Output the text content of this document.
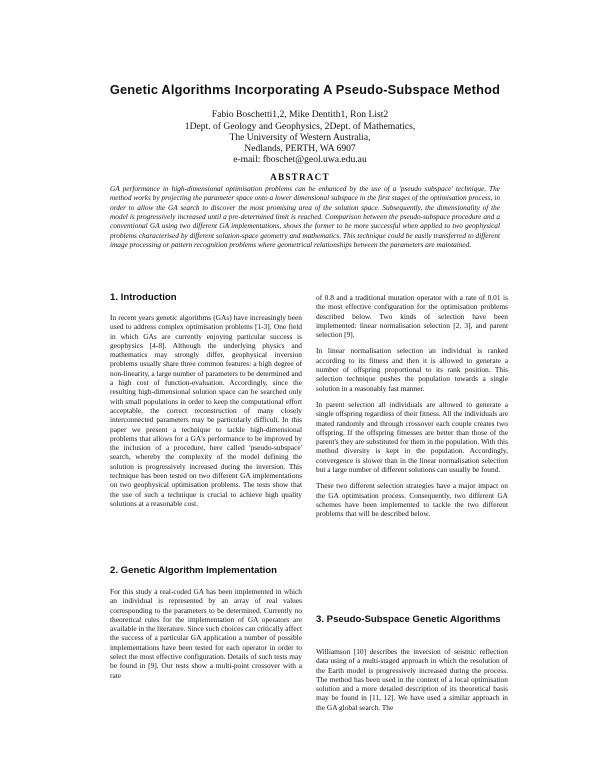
Genetic Algorithms Incorporating A Pseudo-Subspace Method
Fabio Boschetti1,2, Mike Dentith1, Ron List2
1Dept. of Geology and Geophysics, 2Dept. of Mathematics,
The University of Western Australia,
Nedlands, PERTH, WA 6907
e-mail: fboschet@geol.uwa.edu.au
ABSTRACT
GA performance in high-dimensional optimisation problems can be enhanced by the use of a 'pseudo subspace' technique. The method works by projecting the parameter space onto a lower dimensional subspace in the first stages of the optimisation process, in order to allow the GA search to discover the most promising area of the solution space. Subsequently, the dimensionality of the model is progressively increased until a pre-determined limit is reached. Comparison between the pseudo-subspace procedure and a conventional GA using two different GA implementations, shows the former to be more successful when applied to two geophysical problems characterised by different solution-space geometry and mathematics. This technique could be easily transferred to different image processing or pattern recognition problems where geometrical relationships between the parameters are maintained.
1. Introduction

In recent years genetic algorithms (GAs) have increasingly been used to address complex optimisation problems [1-3]. One field in which GAs are currently enjoying particular success is geophysics [4-8]. Although the underlying physics and mathematics may strongly differ, geophysical inversion problems usually share three common features: a high degree of non-linearity, a large number of parameters to be determined and a high cost of function-evaluation. Accordingly, since the resulting high-dimensional solution space can be searched only with small populations in order to keep the computational effort acceptable, the correct reconstruction of many closely interconnected parameters may be particularly difficult. In this paper we present a technique to tackle high-dimensional problems that allows for a GA's performance to be improved by the inclusion of a procedure, here called 'pseudo-subspace' search, whereby the complexity of the model defining the solution is progressively increased during the inversion. This technique has been tested on two different GA implementations on two geophysical optimisation problems. The tests show that the use of such a technique is crucial to achieve high quality solutions at a reasonable cost.

2. Genetic Algorithm Implementation

For this study a real-coded GA has been implemented in which an individual is represented by an array of real values corresponding to the parameters to be determined. Currently no theoretical rules for the implementation of GA operators are available in the literature. Since such choices can critically affect the success of a particular GA application a number of possible implementations have been tested for each operator in order to select the most effective configuration. Details of such tests may be found in [9]. Our tests show a multi-point crossover with a rate

of 0.8 and a traditional mutation operator with a rate of 0.01 is the most effective configuration for the optimisation problems described below. Two kinds of selection have been implemented: linear normalisation selection [2, 3], and parent selection [9].

In linear normalisation selection an individual is ranked according to its fitness and then it is allowed to generate a number of offspring proportional to its rank position. This selection technique pushes the population towards a single solution in a reasonably fast manner.

In parent selection all individuals are allowed to generate a single offspring regardless of their fitness. All the individuals are mated randomly and through crossover each couple creates two offspring. If the offspring fitnesses are better than those of the parent's they are substituted for them in the population. With this method diversity is kept in the population. Accordingly, convergence is slower than in the linear normalisation selection but a large number of different solutions can usually be found.

These two different selection strategies have a major impact on the GA optimisation process. Consequently, two different GA schemes have been implemented to tackle the two different problems that will be described below.

3. Pseudo-Subspace Genetic Algorithms

Williamson [10] describes the inversion of seismic reflection data using of a multi-staged approach in which the resolution of the Earth model is progressively increased during the process. The method has been used in the context of a local optimisation solution and a more detailed description of its theoretical basis may be found in [11, 12]. We have used a similar approach in the GA global search. The
